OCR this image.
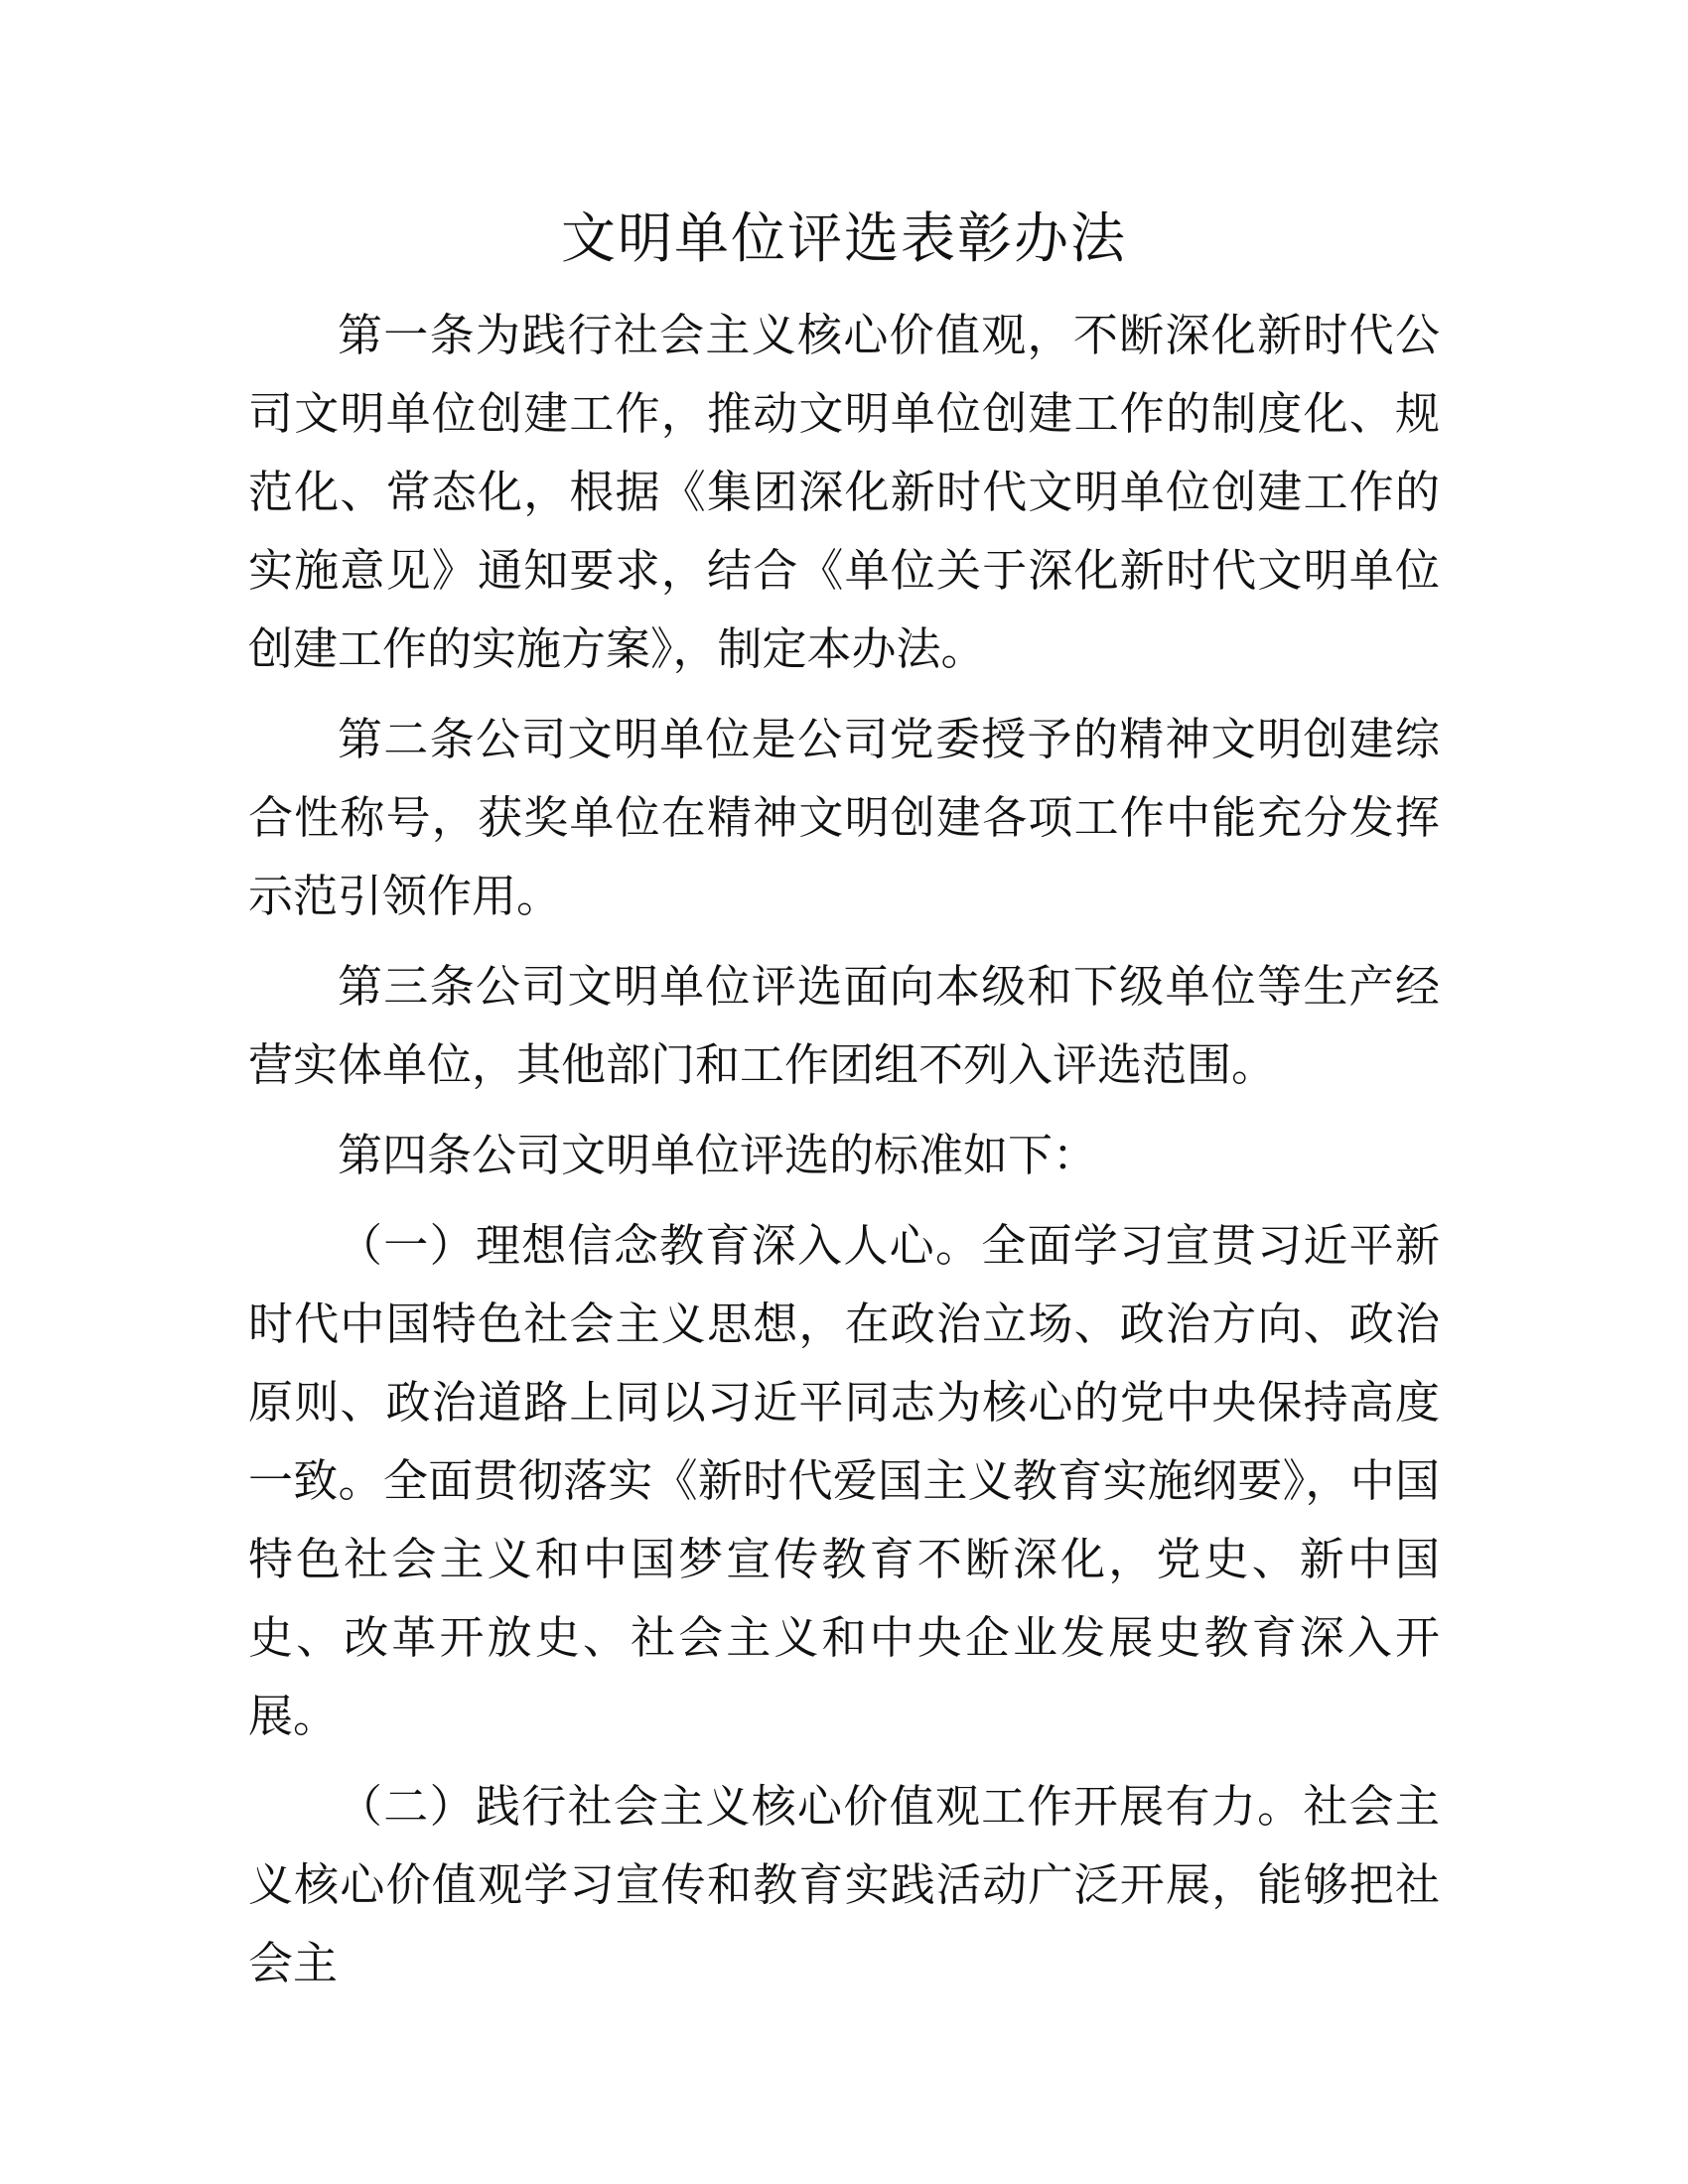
文明单位评选表彰办法

第一条为践行社会主义核心价值观，不断深化新时代公司文明单位创建工作，推动文明单位创建工作的制度化、规范化、常态化，根据《集团深化新时代文明单位创建工作的实施意见》通知要求，结合《单位关于深化新时代文明单位创建工作的实施方案》，制定本办法。

第二条公司文明单位是公司党委授予的精神文明创建综合性称号，获奖单位在精神文明创建各项工作中能充分发挥示范引领作用。

第三条公司文明单位评选面向本级和下级单位等生产经营实体单位，其他部门和工作团组不列入评选范围。

第四条公司文明单位评选的标准如下：

（一）理想信念教育深入人心。全面学习宣贯习近平新时代中国特色社会主义思想，在政治立场、政治方向、政治原则、政治道路上同以习近平同志为核心的党中央保持高度一致。全面贯彻落实《新时代爱国主义教育实施纲要》，中国特色社会主义和中国梦宣传教育不断深化，党史、新中国史、改革开放史、社会主义和中央企业发展史教育深入开展。

（二）践行社会主义核心价值观工作开展有力。社会主义核心价值观学习宣传和教育实践活动广泛开展，能够把社会主
